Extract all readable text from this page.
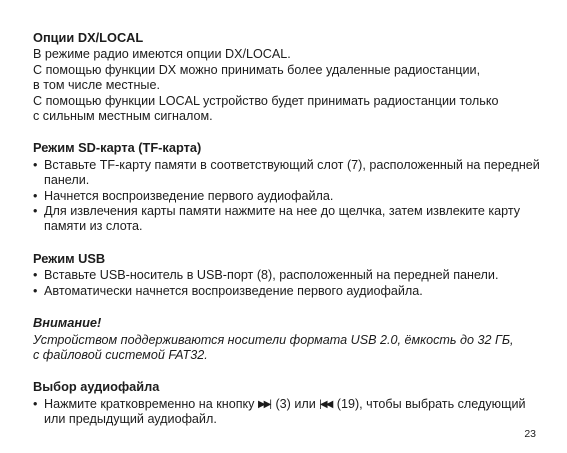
Опции DX/LOCAL

В режиме радио имеются опции DX/LOCAL.

С помощью функции DX можно принимать более удаленные радиостанции,

в том числе местные.

С помощью функции LOCAL устройство будет принимать радиостанции только

с сильным местным сигналом.

Режим SD-карта (TF-карта)
• Вставьте TF-карту памяти в соответствующий слот (7), расположенный на передней панели.
• Начнется воспроизведение первого аудиофайла.
• Для извлечения карты памяти нажмите на нее до щелчка, затем извлеките карту памяти из слота.
Режим USB
• Вставьте USB-носитель в USB-порт (8), расположенный на передней панели.
• Автоматически начнется воспроизведение первого аудиофайла.
Внимание!

Устройством поддерживаются носители формата USB 2.0, ёмкость до 32 ГБ,

с файловой системой FAT32.

Выбор аудиофайла
• Нажмите кратковременно на кнопку ▶▶| (3) или |◀◀ (19), чтобы выбрать следующий или предыдущий аудиофайл.
23
